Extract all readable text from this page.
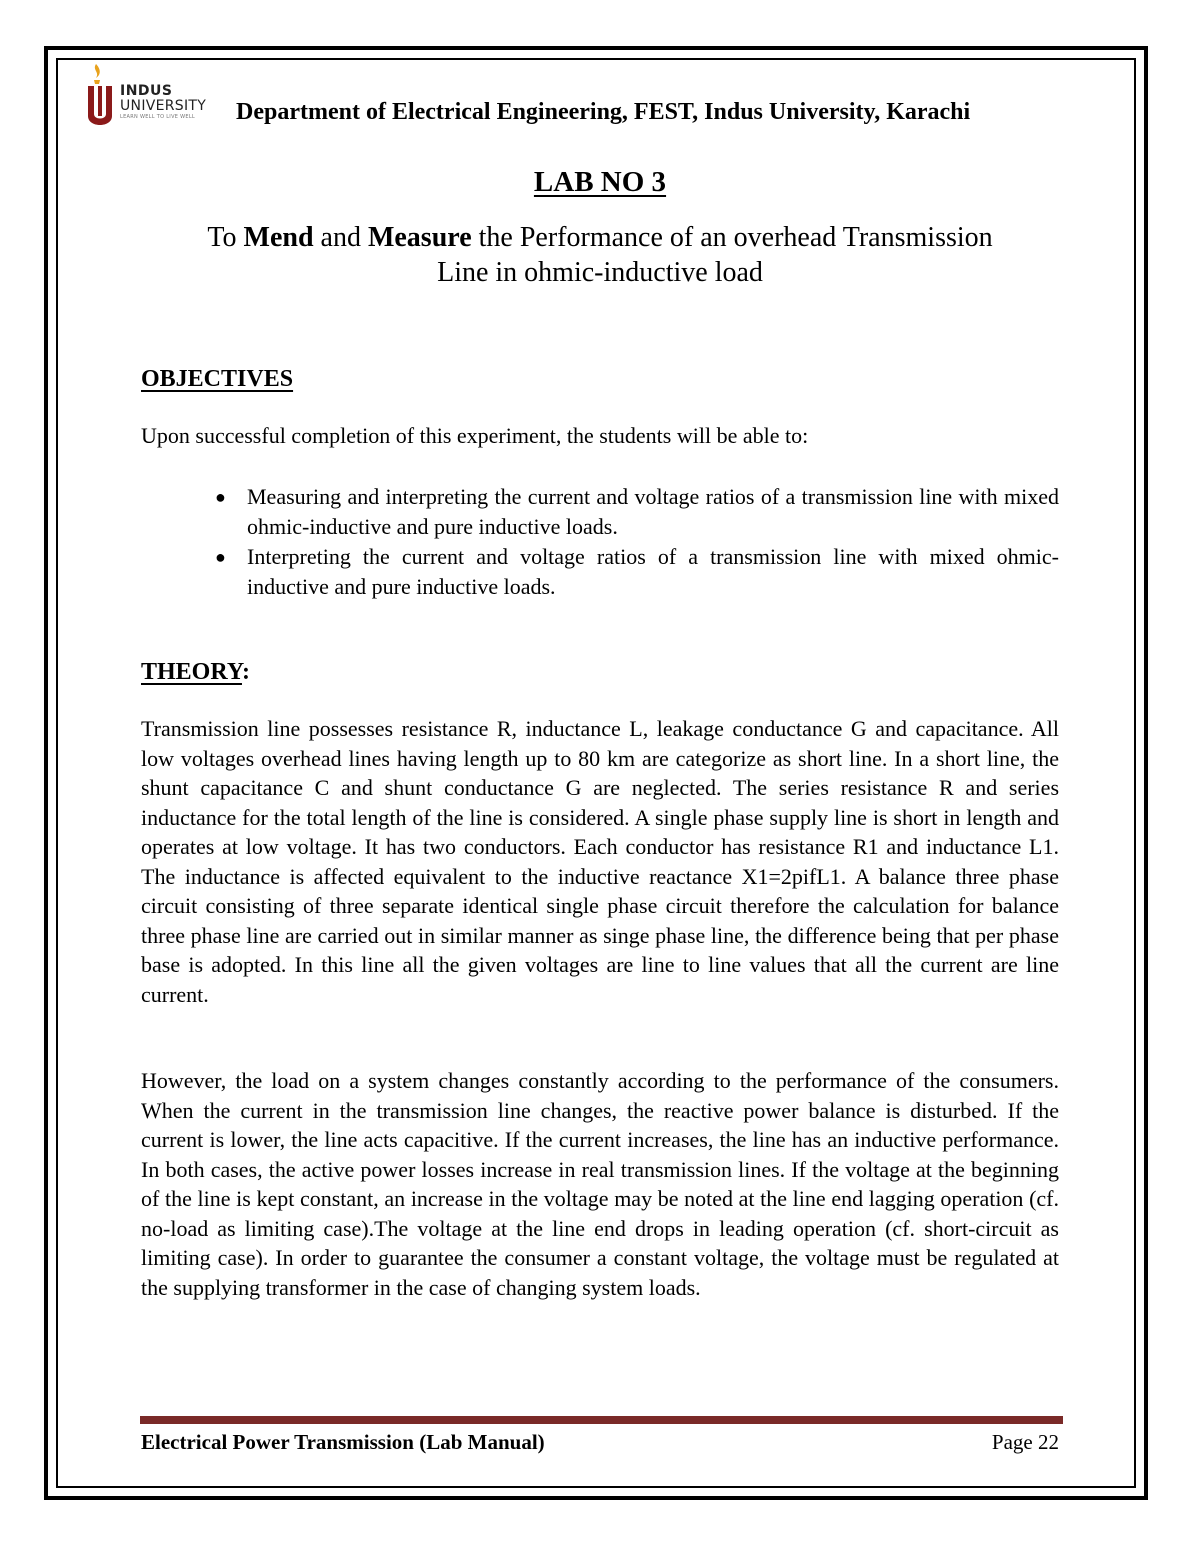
INDUS
UNIVERSITY
LEARN WELL TO LIVE WELL	Department of Electrical Engineering, FEST, Indus University, Karachi
LAB NO 3
To Mend and Measure the Performance of an overhead Transmission
Line in ohmic-inductive load
OBJECTIVES
Upon successful completion of this experiment, the students will be able to:
● Measuring and interpreting the current and voltage ratios of a transmission line with mixed ohmic-inductive and pure inductive loads.
● Interpreting the current and voltage ratios of a transmission line with mixed ohmic-inductive and pure inductive loads.
THEORY:

Transmission line possesses resistance R, inductance L, leakage conductance G and capacitance. All low voltages overhead lines having length up to 80 km are categorize as short line. In a short line, the shunt capacitance C and shunt conductance G are neglected. The series resistance R and series inductance for the total length of the line is considered. A single phase supply line is short in length and operates at low voltage. It has two conductors. Each conductor has resistance R1 and inductance L1. The inductance is affected equivalent to the inductive reactance X1=2pifL1. A balance three phase circuit consisting of three separate identical single phase circuit therefore the calculation for balance three phase line are carried out in similar manner as singe phase line, the difference being that per phase base is adopted. In this line all the given voltages are line to line values that all the current are line current.

However, the load on a system changes constantly according to the performance of the consumers. When the current in the transmission line changes, the reactive power balance is disturbed. If the current is lower, the line acts capacitive. If the current increases, the line has an inductive performance. In both cases, the active power losses increase in real transmission lines. If the voltage at the beginning of the line is kept constant, an increase in the voltage may be noted at the line end lagging operation (cf. no-load as limiting case).The voltage at the line end drops in leading operation (cf. short-circuit as limiting case). In order to guarantee the consumer a constant voltage, the voltage must be regulated at the supplying transformer in the case of changing system loads.

Electrical Power Transmission (Lab Manual)	Page 22
